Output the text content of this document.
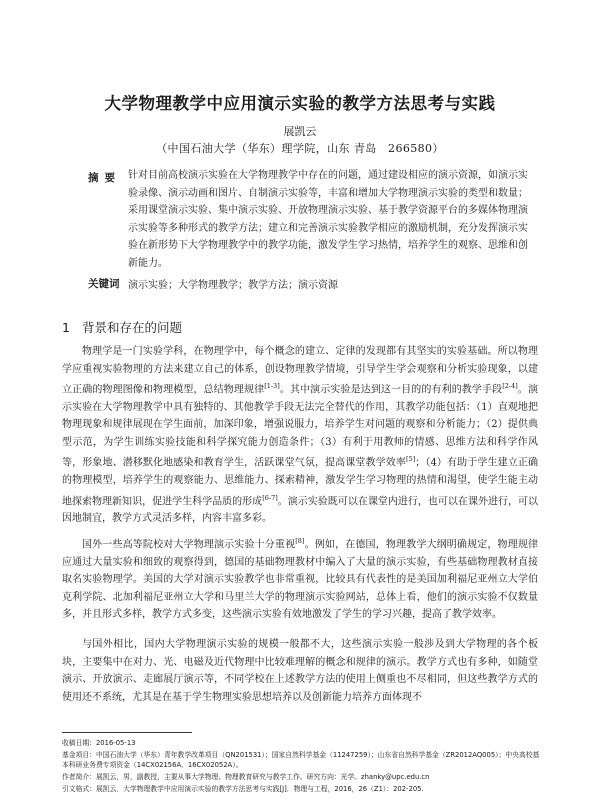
大学物理教学中应用演示实验的教学方法思考与实践
展凯云
（中国石油大学（华东）理学院，山东 青岛　266580）
摘要 针对目前高校演示实验在大学物理教学中存在的问题，通过建设相应的演示资源，如演示实验录像、演示动画和图片、自制演示实验等，丰富和增加大学物理演示实验的类型和数量；采用课堂演示实验、集中演示实验、开放物理演示实验、基于教学资源平台的多媒体物理演示实验等多种形式的教学方法；建立和完善演示实验教学相应的激励机制，充分发挥演示实验在新形势下大学物理教学中的教学功能，激发学生学习热情，培养学生的观察、思维和创新能力。
关键词 演示实验；大学物理教学；教学方法；演示资源
1 背景和存在的问题

物理学是一门实验学科，在物理学中，每个概念的建立、定律的发现都有其坚实的实验基础。所以物理学应重视实验物理的方法来建立自己的体系，创设物理教学情境，引导学生学会观察和分析实验现象，以建立正确的物理图像和物理模型，总结物理规律[1-3]。其中演示实验是达到这一目的的有利的教学手段[2-4]。演示实验在大学物理教学中具有独特的、其他教学手段无法完全替代的作用，其教学功能包括：（1）直观地把物理现象和规律展现在学生面前，加深印象，增强说服力，培养学生对问题的观察和分析能力；（2）提供典型示范，为学生训练实验技能和科学探究能力创造条件；（3）有利于用教师的情感、思维方法和科学作风等，形象地、潜移默化地感染和教育学生，活跃课堂气氛，提高课堂教学效率[5]；（4）有助于学生建立正确的物理模型，培养学生的观察能力、思维能力、探索精神，激发学生学习物理的热情和渴望，使学生能主动地探索物理新知识，促进学生科学品质的形成[6-7]。演示实验既可以在课堂内进行，也可以在课外进行，可以因地制宜，教学方式灵活多样，内容丰富多彩。

国外一些高等院校对大学物理演示实验十分重视[8]。例如，在德国，物理教学大纲明确规定，物理规律应通过大量实验和细致的观察得到，德国的基础物理教材中编入了大量的演示实验，有些基础物理教材直接取名实验物理学。美国的大学对演示实验教学也非常重视，比较具有代表性的是美国加利福尼亚州立大学伯克利学院、北加利福尼亚州立大学和马里兰大学的物理演示实验网站，总体上看，他们的演示实验不仅数量多，并且形式多样，教学方式多变，这些演示实验有效地激发了学生的学习兴趣，提高了教学效率。

与国外相比，国内大学物理演示实验的规模一般都不大，这些演示实验一般涉及到大学物理的各个板块，主要集中在对力、光、电磁及近代物理中比较难理解的概念和规律的演示。教学方式也有多种，如随堂演示、开放演示、走廊展厅演示等，不同学校在上述教学方法的使用上侧重也不尽相同，但这些教学方式的使用还不系统，尤其是在基于学生物理实验思想培养以及创新能力培养方面体现不

收稿日期：2016-05-13
基金项目：中国石油大学（华东）青年教学改革项目（QN201531）；国家自然科学基金（11247259）；山东省自然科学基金（ZR2012AQ005）；中央高校基本科研业务费专项资金（14CX02156A、16CX02052A）。
作者简介：展凯云，男，副教授，主要从事大学物理、物理教育研究与教学工作。研究方向：光学。zhanky@upc.edu.cn
引文格式：展凯云．大学物理教学中应用演示实验的教学方法思考与实践[J]．物理与工程，2016，26（Z1）：202-205.
